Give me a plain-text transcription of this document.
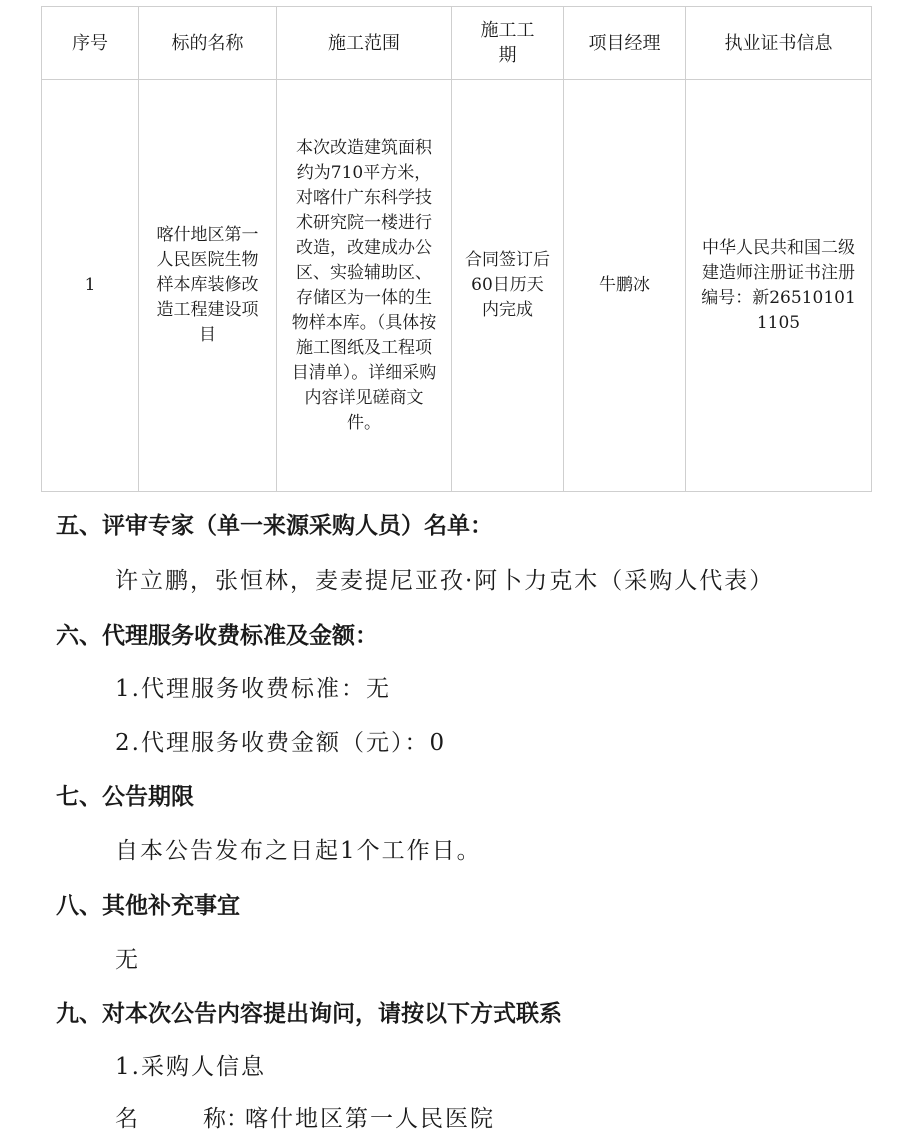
序号	标的名称	施工范围	施工工期	项目经理	执业证书信息
1	喀什地区第一人民医院生物样本库装修改造工程建设项目	本次改造建筑面积约为710平方米，对喀什广东科学技术研究院一楼进行改造，改建成办公区、实验辅助区、存储区为一体的生物样本库。（具体按施工图纸及工程项目清单）。详细采购内容详见磋商文件。	合同签订后60日历天内完成	牛鹏冰	中华人民共和国二级建造师注册证书注册编号：新265101011105
五、评审专家（单一来源采购人员）名单：
许立鹏，张恒林，麦麦提尼亚孜·阿卜力克木（采购人代表）
六、代理服务收费标准及金额：
1.代理服务收费标准：无
2.代理服务收费金额（元）：0
七、公告期限
自本公告发布之日起1个工作日。
八、其他补充事宜
无
九、对本次公告内容提出询问，请按以下方式联系
1.采购人信息
名	称：喀什地区第一人民医院
